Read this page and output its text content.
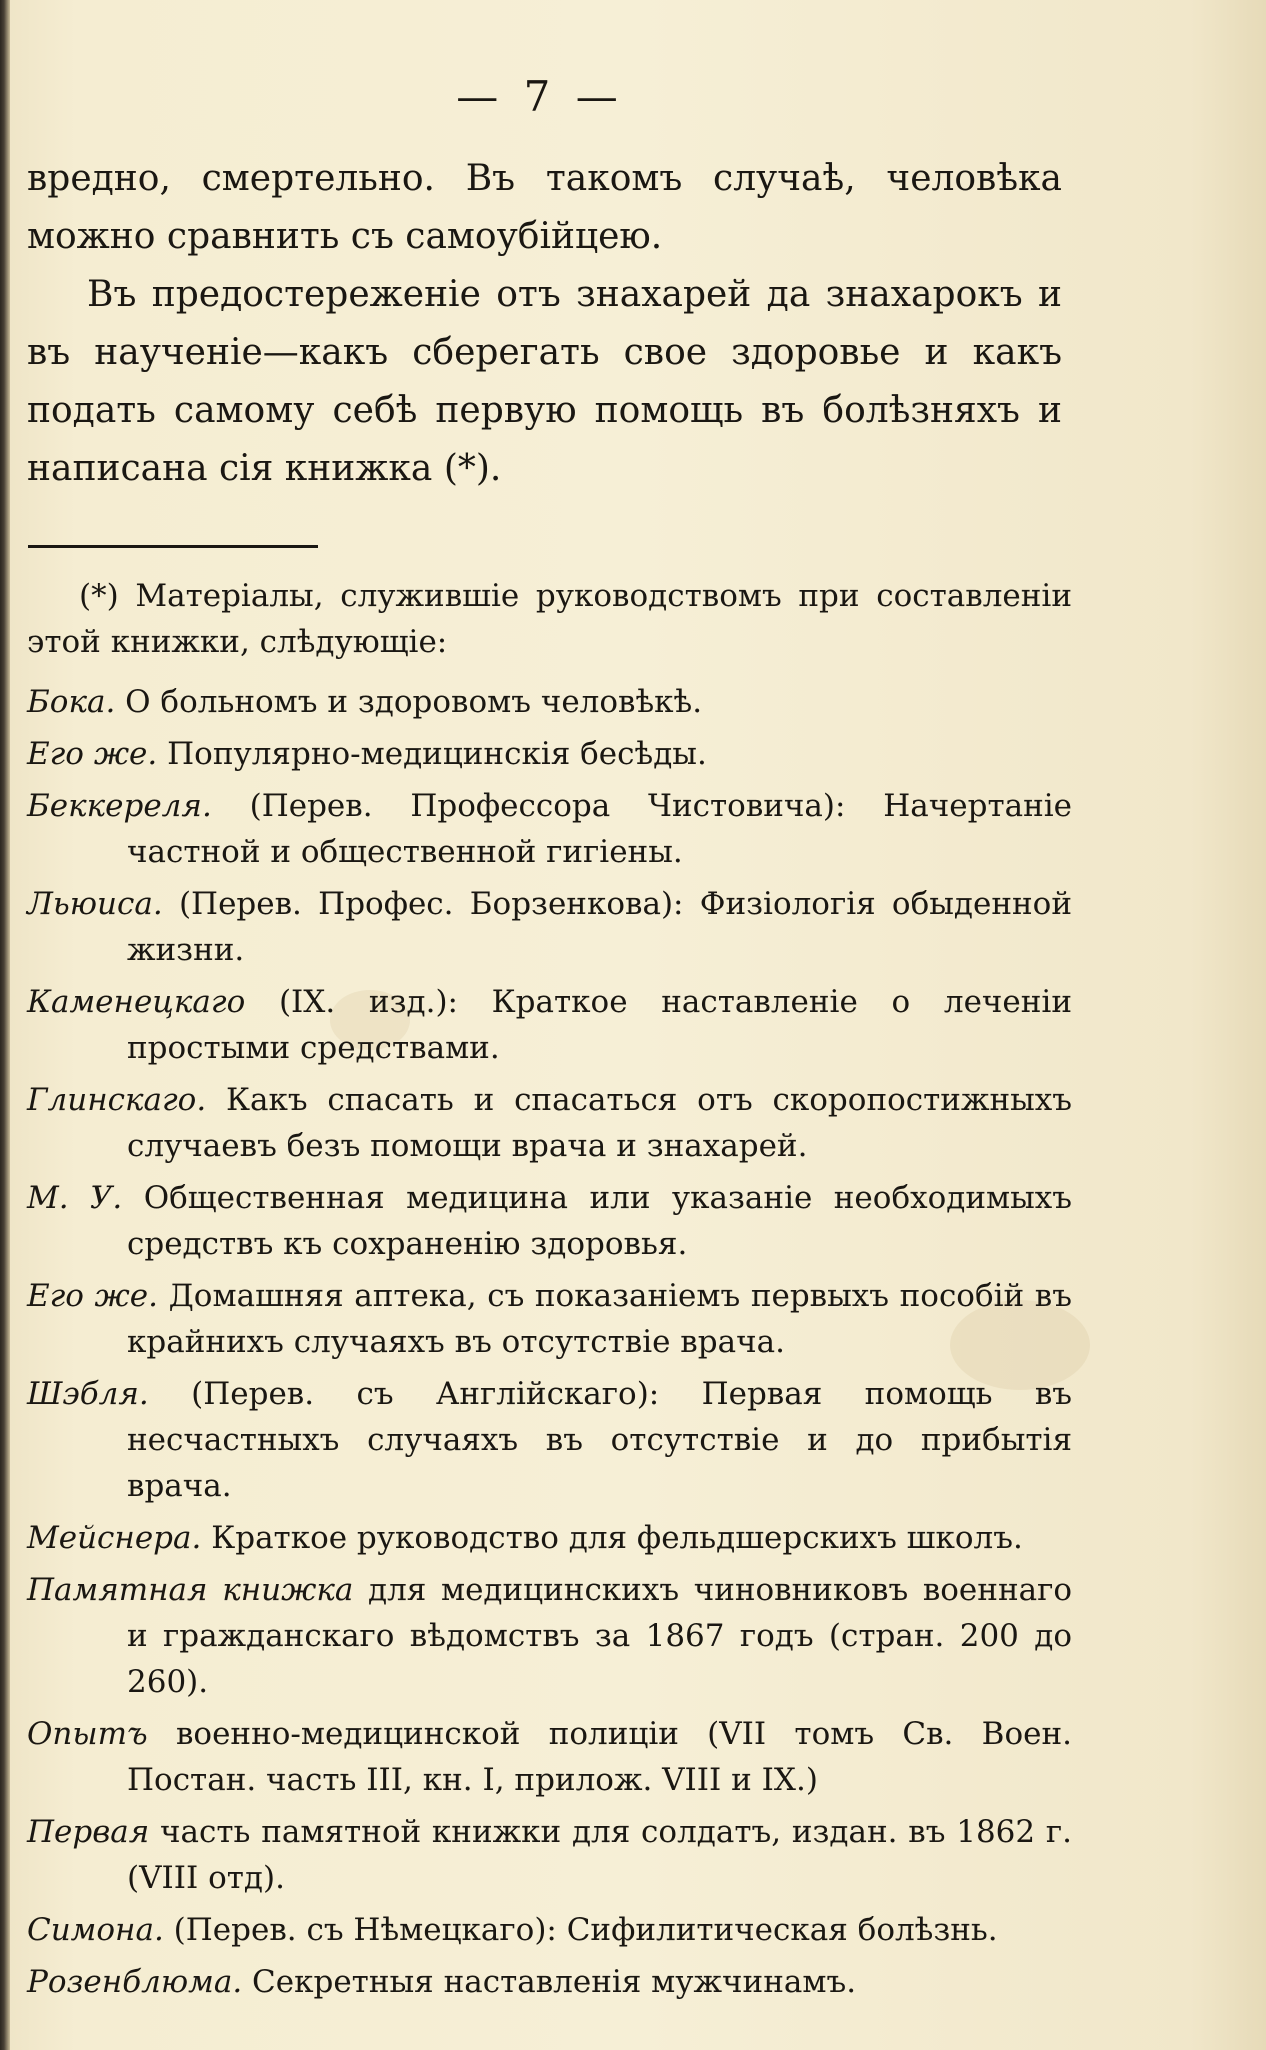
— 7 —

вредно, смертельно. Въ такомъ случаѣ, человѣка можно сравнить съ самоубійцею.

Въ предостереженіе отъ знахарей да знахарокъ и въ наученіе—какъ сберегать свое здоровье и какъ подать самому себѣ первую помощь въ болѣзняхъ и написана сія книжка (*).

(*) Матеріалы, служившіе руководствомъ при составленіи этой книжки, слѣдующіе:

Бока. О больномъ и здоровомъ человѣкѣ.
Его же. Популярно-медицинскія бесѣды.
Беккереля. (Перев. Профессора Чистовича): Начертаніе частной и общественной гигіены.
Льюиса. (Перев. Профес. Борзенкова): Физіологія обыденной жизни.
Каменецкаго (IX. изд.): Краткое наставленіе о леченіи простыми средствами.
Глинскаго. Какъ спасать и спасаться отъ скоропостижныхъ случаевъ безъ помощи врача и знахарей.
М. У. Общественная медицина или указаніе необходимыхъ средствъ къ сохраненію здоровья.
Его же. Домашняя аптека, съ показаніемъ первыхъ пособій въ крайнихъ случаяхъ въ отсутствіе врача.
Шэбля. (Перев. съ Англійскаго): Первая помощь въ несчастныхъ случаяхъ въ отсутствіе и до прибытія врача.
Мейснера. Краткое руководство для фельдшерскихъ школъ.
Памятная книжка для медицинскихъ чиновниковъ военнаго и гражданскаго вѣдомствъ за 1867 годъ (стран. 200 до 260).
Опытъ военно-медицинской полиціи (VII томъ Св. Воен. Постан. часть III, кн. I, прилож. VIII и IX.)
Первая часть памятной книжки для солдатъ, издан. въ 1862 г. (VIII отд).
Симона. (Перев. съ Нѣмецкаго): Сифилитическая болѣзнь.
Розенблюма. Секретныя наставленія мужчинамъ.
